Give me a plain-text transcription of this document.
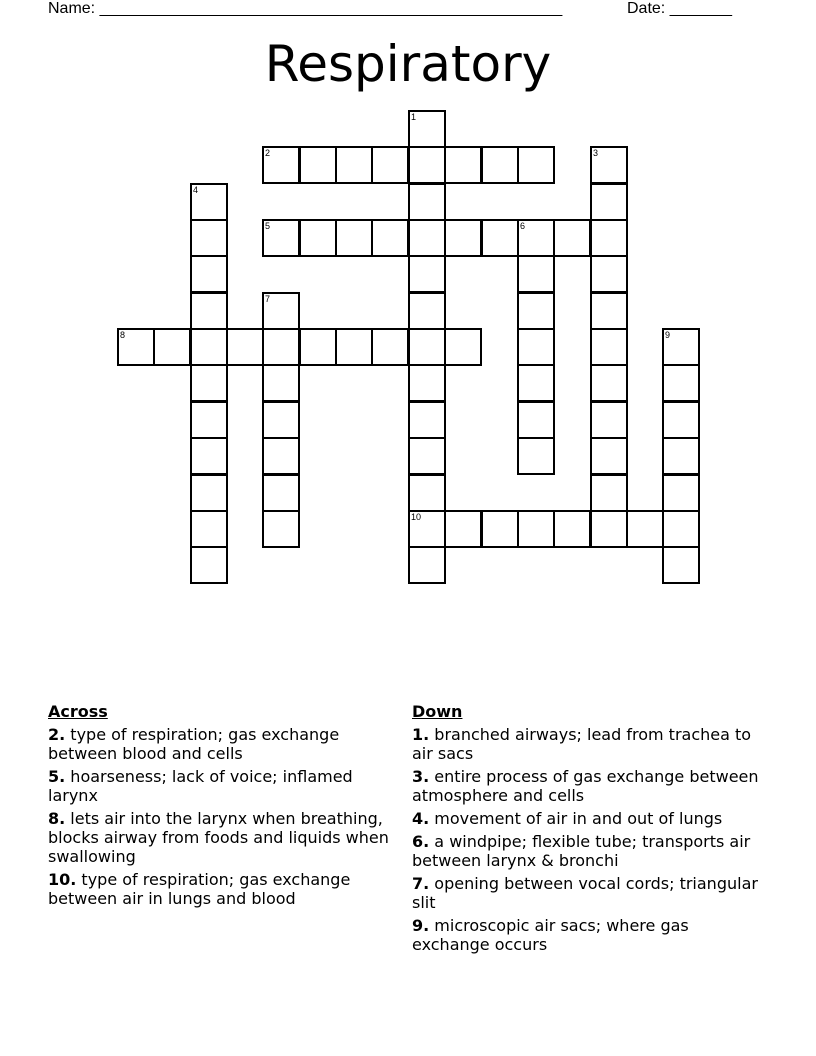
Name: ____________________________________________________	Date: _______
Respiratory
1
10
2	3
4
5	6
7
8	9
Across
2. type of respiration; gas exchange between blood and cells
5. hoarseness; lack of voice; inflamed larynx
8. lets air into the larynx when breathing, blocks airway from foods and liquids when swallowing
10. type of respiration; gas exchange between air in lungs and blood
Down
1. branched airways; lead from trachea to air sacs
3. entire process of gas exchange between atmosphere and cells
4. movement of air in and out of lungs
6. a windpipe; flexible tube; transports air between larynx & bronchi
7. opening between vocal cords; triangular slit
9. microscopic air sacs; where gas exchange occurs
